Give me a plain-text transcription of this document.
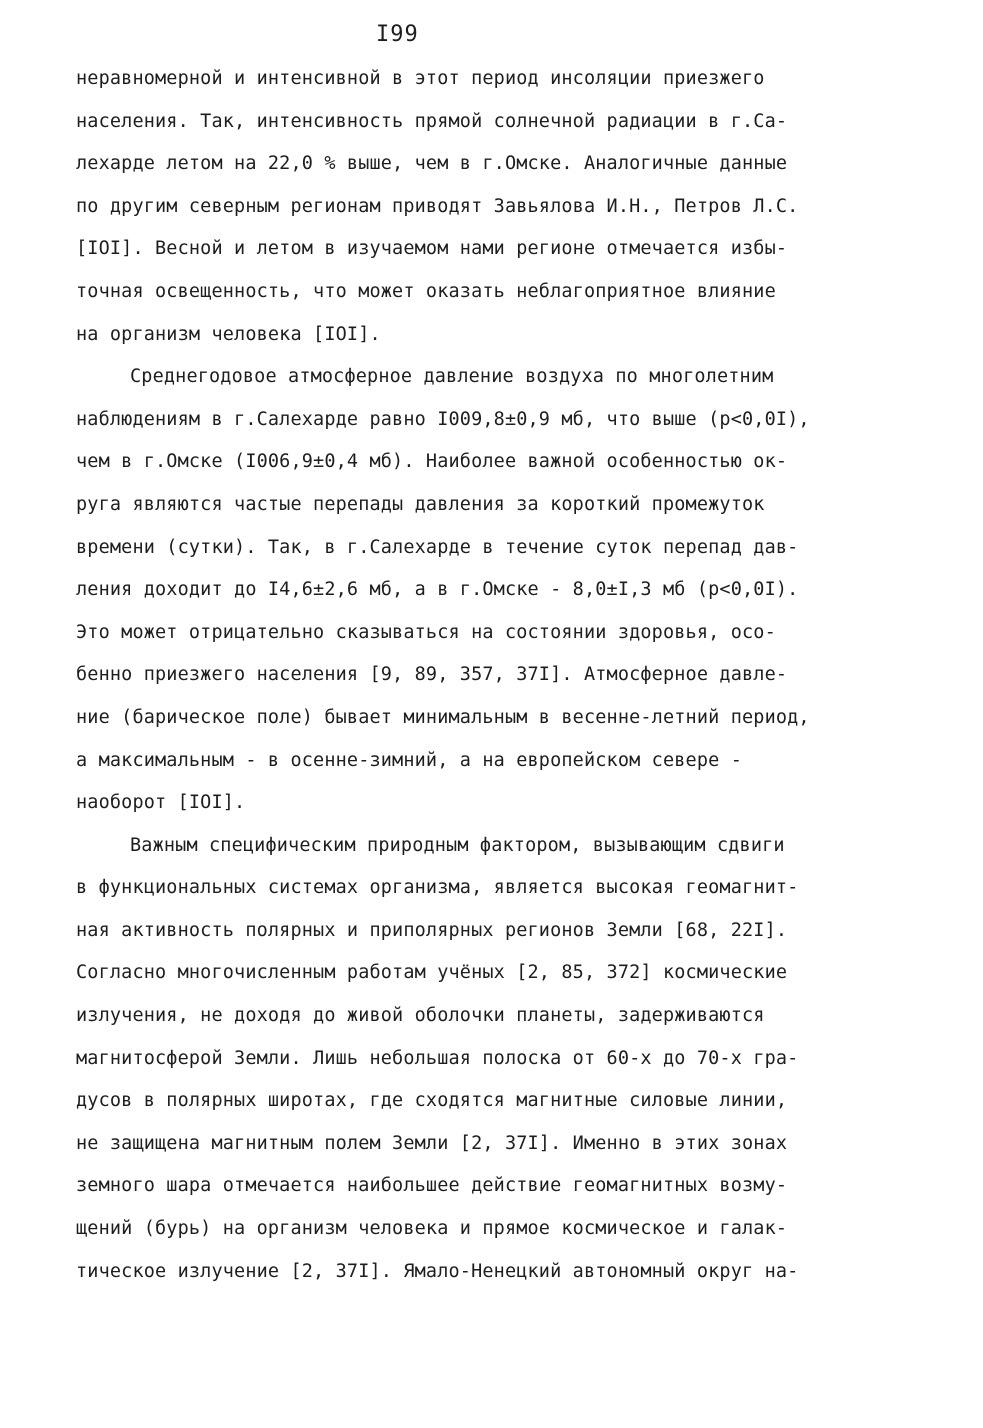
I99
неравномерной и интенсивной в этот период инсоляции приезжего
населения. Так, интенсивность прямой солнечной радиации в г.Са-
лехарде летом на 22,0 % выше, чем в г.Омске. Аналогичные данные
по другим северным регионам приводят Завьялова И.Н., Петров Л.С.
[IOI]. Весной и летом в изучаемом нами регионе отмечается избы-
точная освещенность, что может оказать неблагоприятное влияние
на организм человека [IOI].
Среднегодовое атмосферное давление воздуха по многолетним
наблюдениям в г.Салехарде равно I009,8±0,9 мб, что выше (р<0,0I),
чем в г.Омске (I006,9±0,4 мб). Наиболее важной особенностью ок-
руга являются частые перепады давления за короткий промежуток
времени (сутки). Так, в г.Салехарде в течение суток перепад дав-
ления доходит до I4,6±2,6 мб, а в г.Омске - 8,0±I,3 мб (р<0,0I).
Это может отрицательно сказываться на состоянии здоровья, осо-
бенно приезжего населения [9, 89, 357, 37I]. Атмосферное давле-
ние (барическое поле) бывает минимальным в весенне-летний период,
а максимальным - в осенне-зимний, а на европейском севере -
наоборот [IOI].
Важным специфическим природным фактором, вызывающим сдвиги
в функциональных системах организма, является высокая геомагнит-
ная активность полярных и приполярных регионов Земли [68, 22I].
Согласно многочисленным работам учёных [2, 85, 372] космические
излучения, не доходя до живой оболочки планеты, задерживаются
магнитосферой Земли. Лишь небольшая полоска от 60-х до 70-х гра-
дусов в полярных широтах, где сходятся магнитные силовые линии,
не защищена магнитным полем Земли [2, 37I]. Именно в этих зонах
земного шара отмечается наибольшее действие геомагнитных возму-
щений (бурь) на организм человека и прямое космическое и галак-
тическое излучение [2, 37I]. Ямало-Ненецкий автономный округ на-
